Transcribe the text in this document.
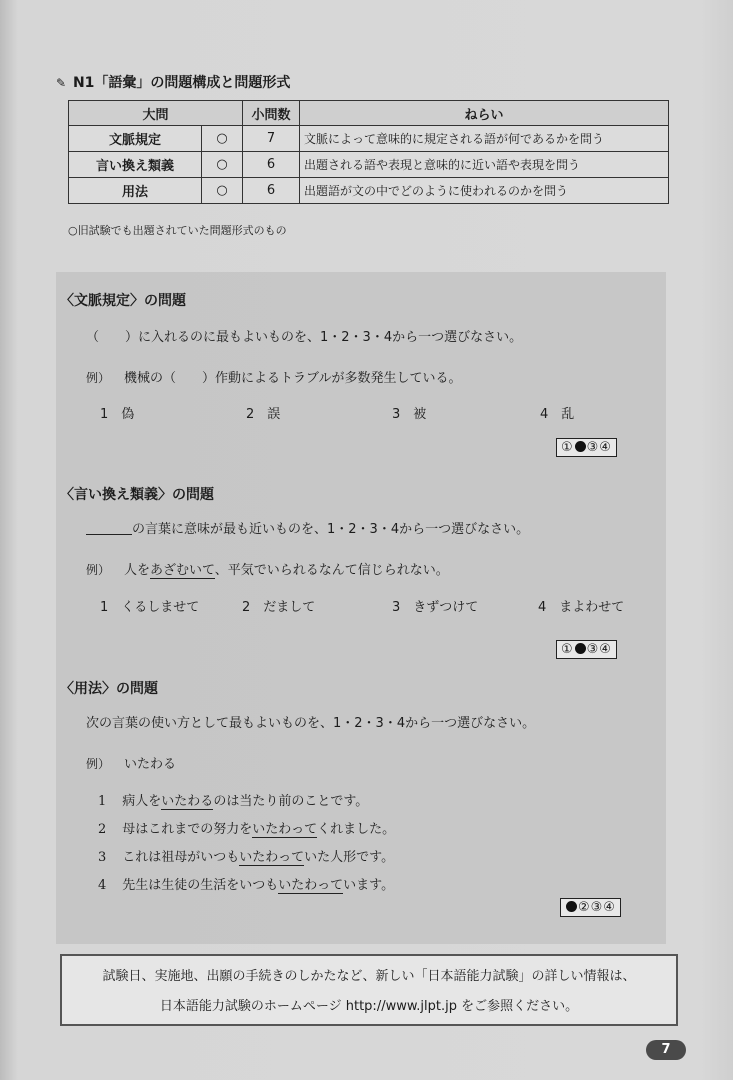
✎ N1「語彙」の問題構成と問題形式
大問		小問数	ねらい
文脈規定	○	7	文脈によって意味的に規定される語が何であるかを問う
言い換え類義	○	6	出題される語や表現と意味的に近い語や表現を問う
用法	○	6	出題語が文の中でどのように使われるのかを問う
○旧試験でも出題されていた問題形式のもの
〈文脈規定〉の問題
（　　）に入れるのに最もよいものを、1・2・3・4から一つ選びなさい。
例） 機械の（　　）作動によるトラブルが多数発生している。
1　偽	2　誤	3　被	4　乱
① ③④
〈言い換え類義〉の問題
の言葉に意味が最も近いものを、1・2・3・4から一つ選びなさい。
例） 人をあざむいて、平気でいられるなんて信じられない。
1　くるしませて	2　だまして	3　きずつけて	4　まよわせて
① ③④
〈用法〉の問題
次の言葉の使い方として最もよいものを、1・2・3・4から一つ選びなさい。
例） いたわる
1 病人をいたわるのは当たり前のことです。
2 母はこれまでの努力をいたわってくれました。
3 これは祖母がいつもいたわっていた人形です。
4 先生は生徒の生活をいつもいたわっています。
②③④
試験日、実施地、出願の手続きのしかたなど、新しい「日本語能力試験」の詳しい情報は、
日本語能力試験のホームページ http://www.jlpt.jp をご参照ください。
7
